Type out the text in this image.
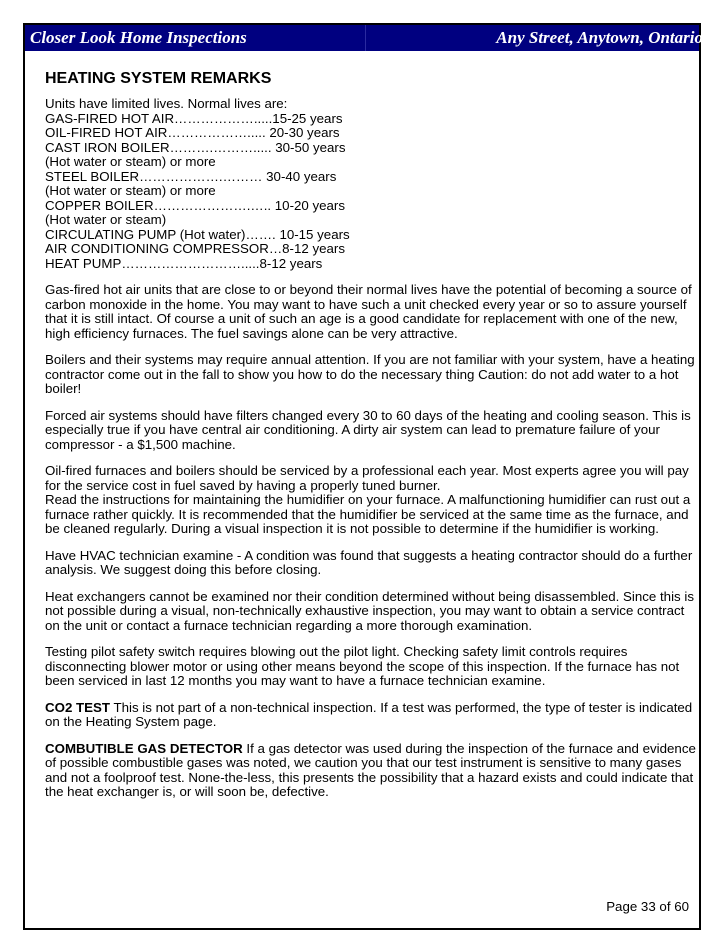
Closer Look Home Inspections	Any Street, Anytown, Ontario
HEATING SYSTEM REMARKS
Units have limited lives. Normal lives are:
GAS-FIRED HOT AIR……………….....15-25 years
OIL-FIRED HOT AIR………………..... 20-30 years
CAST IRON BOILER……….………..... 30-50 years
(Hot water or steam) or more
STEEL BOILER……………….……… 30-40 years
(Hot water or steam) or more
COPPER BOILER………………….….. 10-20 years
(Hot water or steam)
CIRCULATING PUMP (Hot water)……. 10-15 years
AIR CONDITIONING COMPRESSOR…8-12 years
HEAT PUMP……………………….....8-12 years

Gas-fired hot air units that are close to or beyond their normal lives have the potential of becoming a source of carbon monoxide in the home. You may want to have such a unit checked every year or so to assure yourself that it is still intact. Of course a unit of such an age is a good candidate for replacement with one of the new, high efficiency furnaces. The fuel savings alone can be very attractive.

Boilers and their systems may require annual attention. If you are not familiar with your system, have a heating contractor come out in the fall to show you how to do the necessary thing Caution: do not add water to a hot boiler!

Forced air systems should have filters changed every 30 to 60 days of the heating and cooling season. This is especially true if you have central air conditioning. A dirty air system can lead to premature failure of your compressor - a $1,500 machine.

Oil-fired furnaces and boilers should be serviced by a professional each year. Most experts agree you will pay for the service cost in fuel saved by having a properly tuned burner.

Read the instructions for maintaining the humidifier on your furnace. A malfunctioning humidifier can rust out a furnace rather quickly. It is recommended that the humidifier be serviced at the same time as the furnace, and be cleaned regularly. During a visual inspection it is not possible to determine if the humidifier is working.

Have HVAC technician examine - A condition was found that suggests a heating contractor should do a further analysis. We suggest doing this before closing.

Heat exchangers cannot be examined nor their condition determined without being disassembled. Since this is not possible during a visual, non-technically exhaustive inspection, you may want to obtain a service contract on the unit or contact a furnace technician regarding a more thorough examination.

Testing pilot safety switch requires blowing out the pilot light. Checking safety limit controls requires disconnecting blower motor or using other means beyond the scope of this inspection. If the furnace has not been serviced in last 12 months you may want to have a furnace technician examine.

CO2 TEST This is not part of a non-technical inspection. If a test was performed, the type of tester is indicated on the Heating System page.

COMBUTIBLE GAS DETECTOR If a gas detector was used during the inspection of the furnace and evidence of possible combustible gases was noted, we caution you that our test instrument is sensitive to many gases and not a foolproof test. None-the-less, this presents the possibility that a hazard exists and could indicate that the heat exchanger is, or will soon be, defective.

Page 33 of 60
